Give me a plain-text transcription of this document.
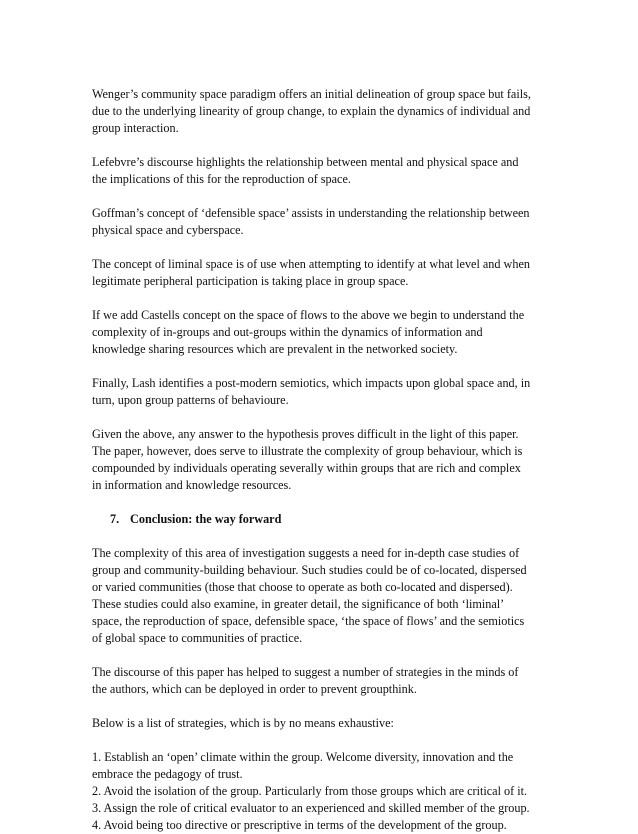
Wenger’s community space paradigm offers an initial delineation of group space but fails,
due to the underlying linearity of group change, to explain the dynamics of individual and
group interaction.
Lefebvre’s discourse highlights the relationship between mental and physical space and
the implications of this for the reproduction of space.
Goffman’s concept of ‘defensible space’ assists in understanding the relationship between
physical space and cyberspace.
The concept of liminal space is of use when attempting to identify at what level and when
legitimate peripheral participation is taking place in group space.
If we add Castells concept on the space of flows to the above we begin to understand the
complexity of in-groups and out-groups within the dynamics of information and
knowledge sharing resources which are prevalent in the networked society.
Finally, Lash identifies a post-modern semiotics, which impacts upon global space and, in
turn, upon group patterns of behavioure.
Given the above, any answer to the hypothesis proves difficult in the light of this paper.
The paper, however, does serve to illustrate the complexity of group behaviour, which is
compounded by individuals operating severally within groups that are rich and complex
in information and knowledge resources.
7. Conclusion: the way forward
The complexity of this area of investigation suggests a need for in-depth case studies of
group and community-building behaviour. Such studies could be of co-located, dispersed
or varied communities (those that choose to operate as both co-located and dispersed).
These studies could also examine, in greater detail, the significance of both ‘liminal’
space, the reproduction of space, defensible space, ‘the space of flows’ and the semiotics
of global space to communities of practice.
The discourse of this paper has helped to suggest a number of strategies in the minds of
the authors, which can be deployed in order to prevent groupthink.
Below is a list of strategies, which is by no means exhaustive:
1. Establish an ‘open’ climate within the group. Welcome diversity, innovation and the
embrace the pedagogy of trust.
2. Avoid the isolation of the group. Particularly from those groups which are critical of it.
3. Assign the role of critical evaluator to an experienced and skilled member of the group.
4. Avoid being too directive or prescriptive in terms of the development of the group.
